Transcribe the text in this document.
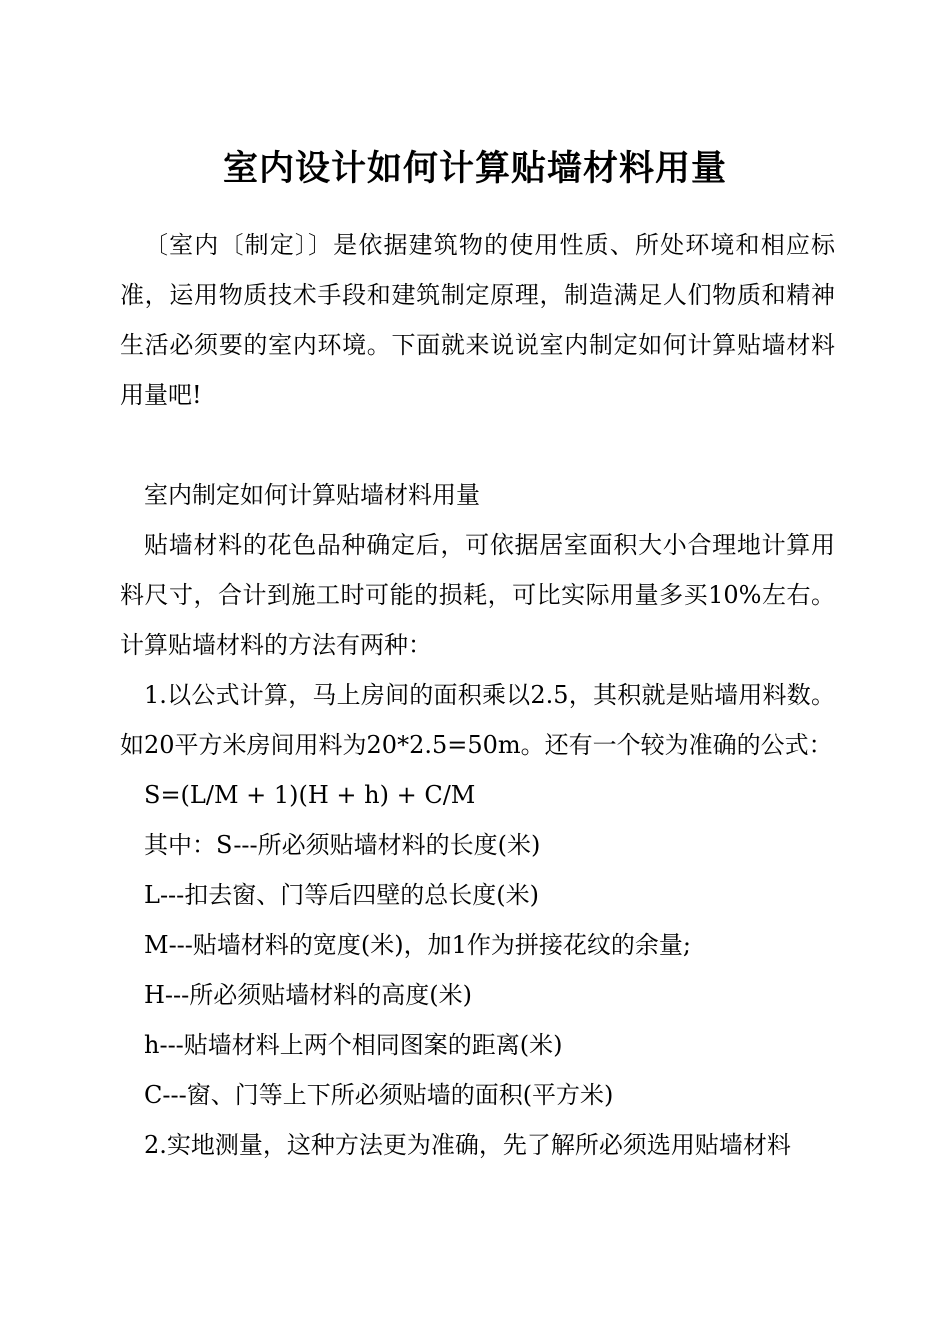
室内设计如何计算贴墙材料用量

〔室内〔制定〕〕是依据建筑物的使用性质、所处环境和相应标准，运用物质技术手段和建筑制定原理，制造满足人们物质和精神生活必须要的室内环境。下面就来说说室内制定如何计算贴墙材料用量吧!

室内制定如何计算贴墙材料用量

贴墙材料的花色品种确定后，可依据居室面积大小合理地计算用料尺寸，合计到施工时可能的损耗，可比实际用量多买10%左右。计算贴墙材料的方法有两种：

1.以公式计算，马上房间的面积乘以2.5，其积就是贴墙用料数。如20平方米房间用料为20*2.5=50m。还有一个较为准确的公式：

S=(L/M + 1)(H + h) + C/M

其中：S---所必须贴墙材料的长度(米)

L---扣去窗、门等后四壁的总长度(米)

M---贴墙材料的宽度(米)，加1作为拼接花纹的余量;

H---所必须贴墙材料的高度(米)

h---贴墙材料上两个相同图案的距离(米)

C---窗、门等上下所必须贴墙的面积(平方米)

2.实地测量，这种方法更为准确，先了解所必须选用贴墙材料
